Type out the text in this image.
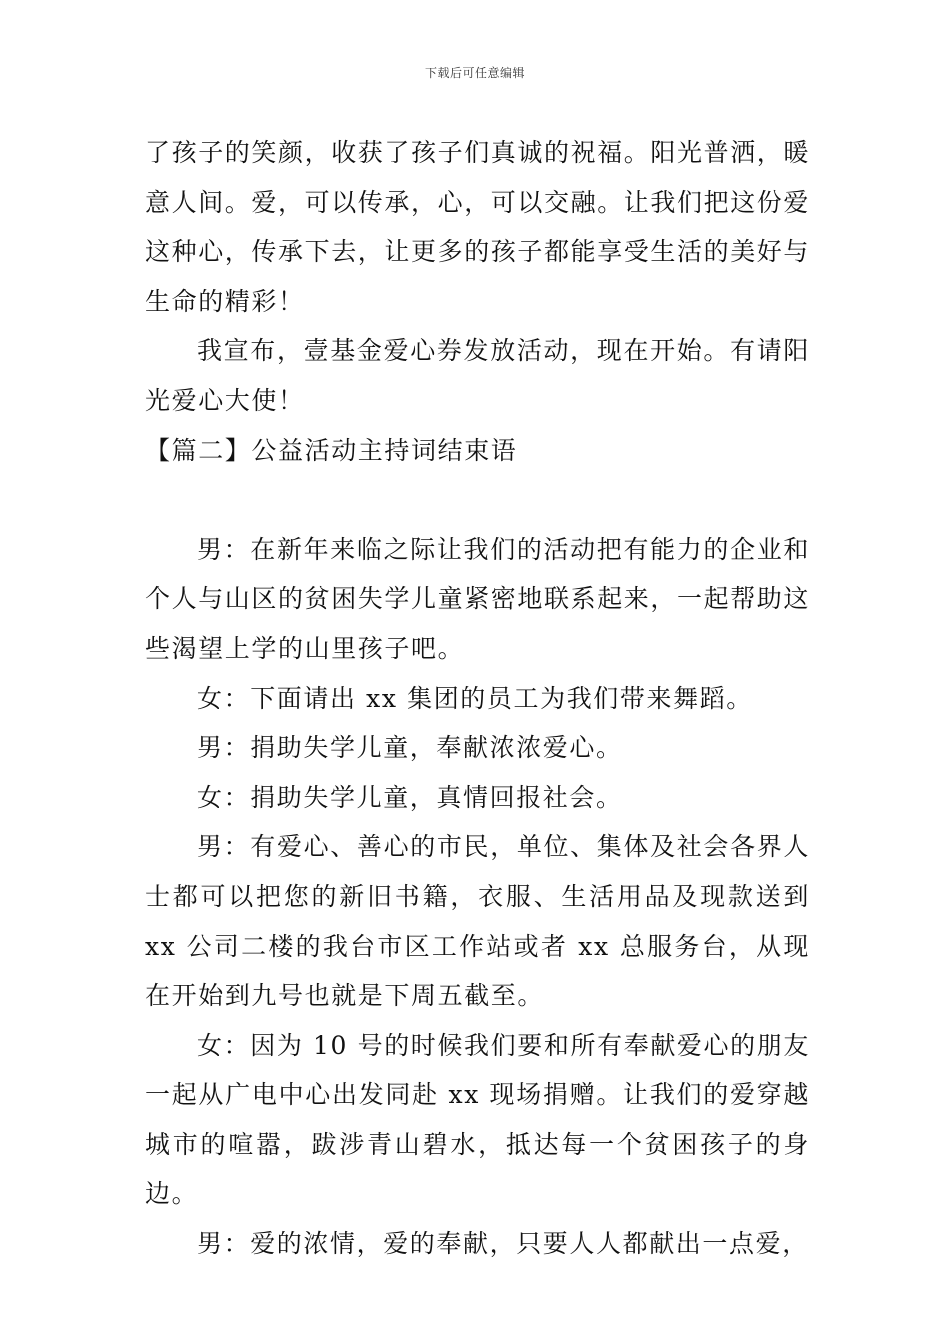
下载后可任意编辑

了孩子的笑颜，收获了孩子们真诚的祝福。阳光普洒，暖意人间。爱，可以传承，心，可以交融。让我们把这份爱这种心，传承下去，让更多的孩子都能享受生活的美好与生命的精彩！

我宣布，壹基金爱心券发放活动，现在开始。有请阳光爱心大使！

【篇二】公益活动主持词结束语

男：在新年来临之际让我们的活动把有能力的企业和个人与山区的贫困失学儿童紧密地联系起来，一起帮助这些渴望上学的山里孩子吧。

女：下面请出 xx 集团的员工为我们带来舞蹈。

男：捐助失学儿童，奉献浓浓爱心。

女：捐助失学儿童，真情回报社会。

男：有爱心、善心的市民，单位、集体及社会各界人士都可以把您的新旧书籍，衣服、生活用品及现款送到 xx 公司二楼的我台市区工作站或者 xx 总服务台，从现在开始到九号也就是下周五截至。

女：因为 10 号的时候我们要和所有奉献爱心的朋友一起从广电中心出发同赴 xx 现场捐赠。让我们的爱穿越城市的喧嚣，跋涉青山碧水，抵达每一个贫困孩子的身边。

男：爱的浓情，爱的奉献，只要人人都献出一点爱，
